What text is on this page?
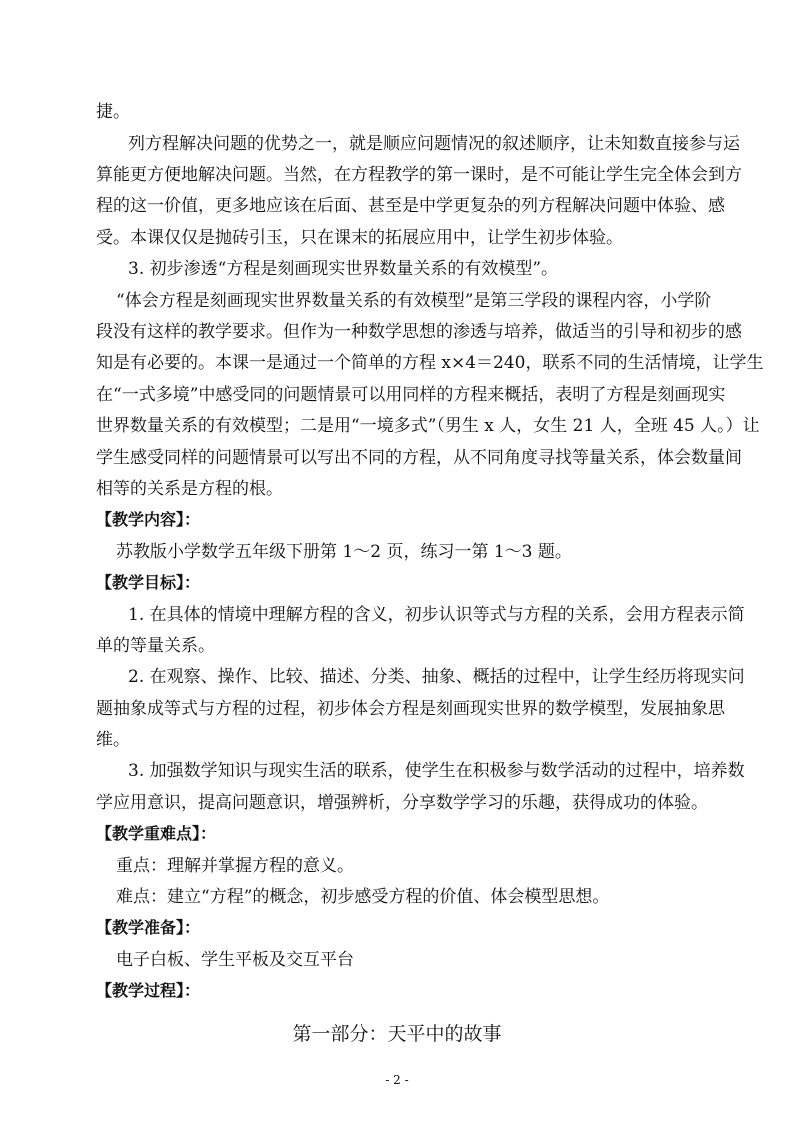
捷。
列方程解决问题的优势之一，就是顺应问题情况的叙述顺序，让未知数直接参与运
算能更方便地解决问题。当然，在方程教学的第一课时，是不可能让学生完全体会到方
程的这一价值，更多地应该在后面、甚至是中学更复杂的列方程解决问题中体验、感
受。本课仅仅是抛砖引玉，只在课末的拓展应用中，让学生初步体验。
3. 初步渗透“方程是刻画现实世界数量关系的有效模型”。
“体会方程是刻画现实世界数量关系的有效模型”是第三学段的课程内容，小学阶
段没有这样的教学要求。但作为一种数学思想的渗透与培养，做适当的引导和初步的感
知是有必要的。本课一是通过一个简单的方程 x×4＝240，联系不同的生活情境，让学生
在“一式多境”中感受同的问题情景可以用同样的方程来概括，表明了方程是刻画现实
世界数量关系的有效模型；二是用“一境多式”（男生 x 人，女生 21 人，全班 45 人。）让
学生感受同样的问题情景可以写出不同的方程，从不同角度寻找等量关系，体会数量间
相等的关系是方程的根。
【教学内容】：
苏教版小学数学五年级下册第 1～2 页，练习一第 1～3 题。
【教学目标】：
1. 在具体的情境中理解方程的含义，初步认识等式与方程的关系，会用方程表示简
单的等量关系。
2. 在观察、操作、比较、描述、分类、抽象、概括的过程中，让学生经历将现实问
题抽象成等式与方程的过程，初步体会方程是刻画现实世界的数学模型，发展抽象思
维。
3. 加强数学知识与现实生活的联系，使学生在积极参与数学活动的过程中，培养数
学应用意识，提高问题意识，增强辨析，分享数学学习的乐趣，获得成功的体验。
【教学重难点】：
重点：理解并掌握方程的意义。
难点：建立“方程”的概念，初步感受方程的价值、体会模型思想。
【教学准备】：
电子白板、学生平板及交互平台
【教学过程】：
第一部分：天平中的故事
- 2 -
